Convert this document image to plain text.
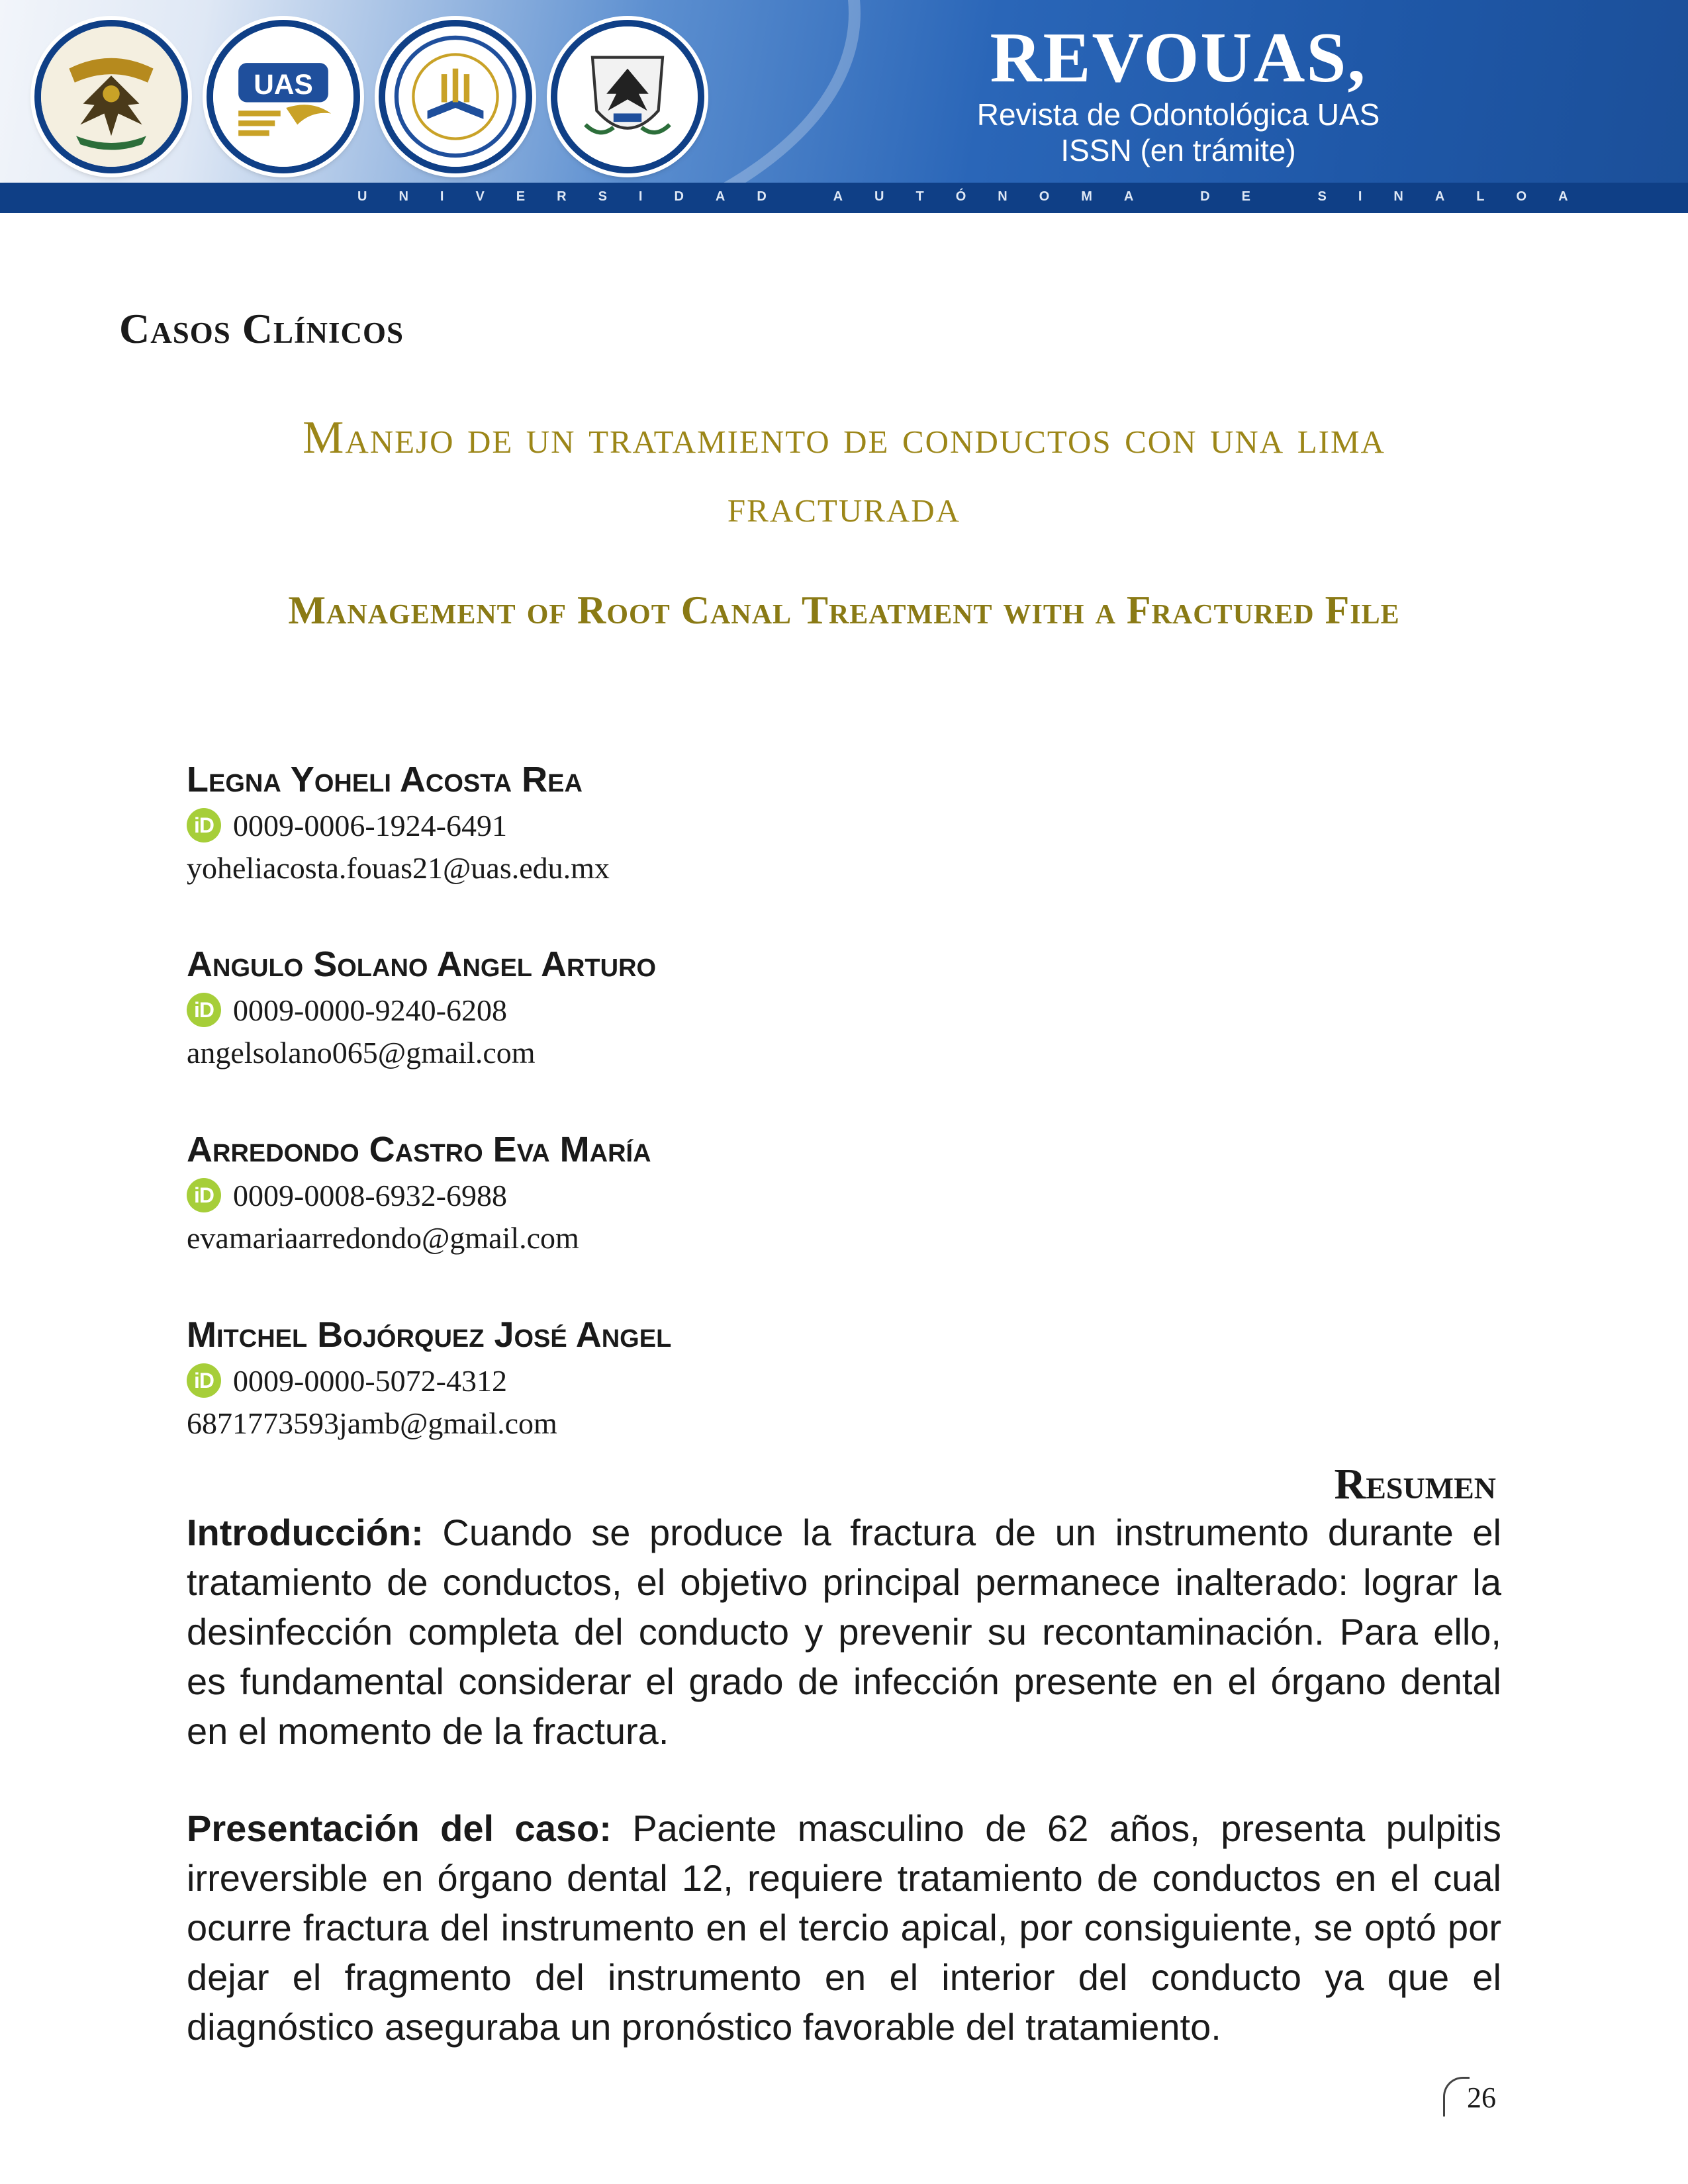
UNIVERSIDAD AUTÓNOMA DE SINALOA
UAS	REVOUAS,
Revista de Odontológica UAS
ISSN (en trámite)
Casos Clínicos
Manejo de un tratamiento de conductos con una lima fracturada
Management of Root Canal Treatment with a Fractured File
Legna Yoheli Acosta Rea
iD 0009-0006-1924-6491
yoheliacosta.fouas21@uas.edu.mx
Angulo Solano Angel Arturo
iD 0009-0000-9240-6208
angelsolano065@gmail.com
Arredondo Castro Eva María
iD 0009-0008-6932-6988
evamariaarredondo@gmail.com
Mitchel Bojórquez José Angel
iD 0009-0000-5072-4312
6871773593jamb@gmail.com
Resumen
Introducción: Cuando se produce la fractura de un instrumento durante el tratamiento de conductos, el objetivo principal permanece inalterado: lograr la desinfección completa del conducto y prevenir su recontaminación. Para ello, es fundamental considerar el grado de infección presente en el órgano dental en el momento de la fractura.
Presentación del caso: Paciente masculino de 62 años, presenta pulpitis irreversible en órgano dental 12, requiere tratamiento de conductos en el cual ocurre fractura del instrumento en el tercio apical, por consiguiente, se optó por dejar el fragmento del instrumento en el interior del conducto ya que el diagnóstico aseguraba un pronóstico favorable del tratamiento.
26
